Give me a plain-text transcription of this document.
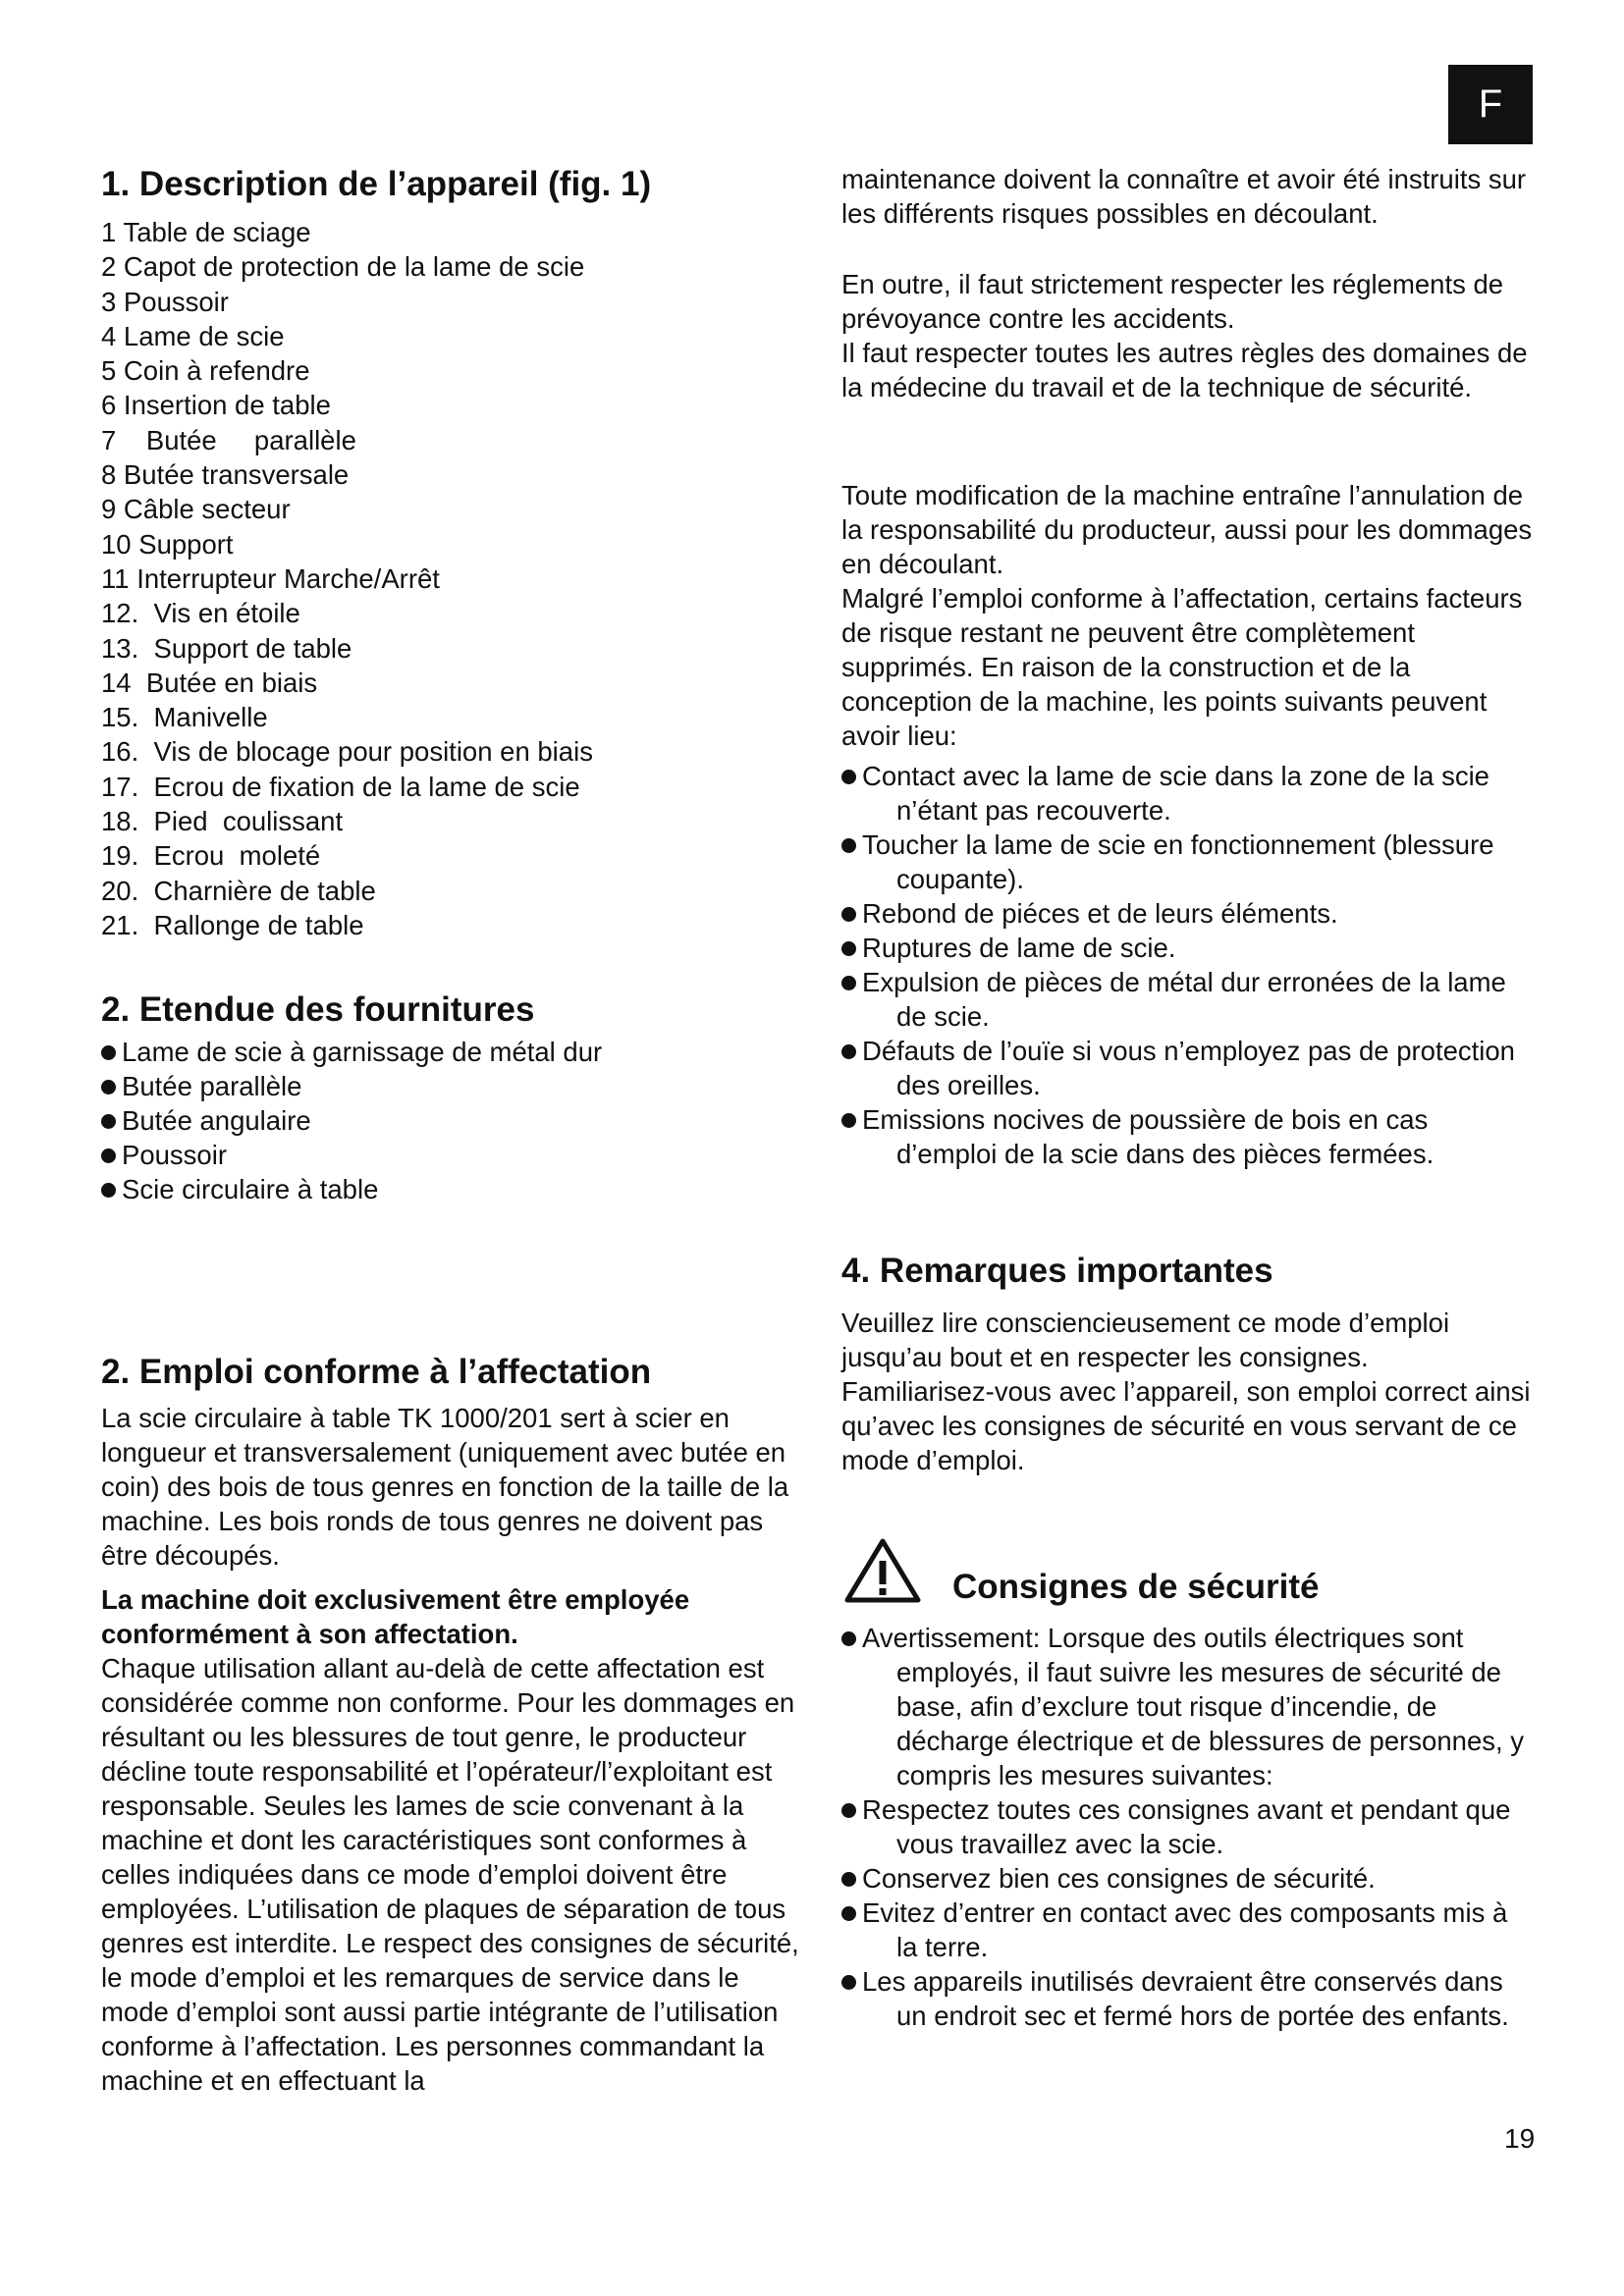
F
1. Description de l’appareil (fig. 1)
1 Table de sciage
2 Capot de protection de la lame de scie
3 Poussoir
4 Lame de scie
5 Coin à refendre
6 Insertion de table
7    Butée     parallèle
8 Butée transversale
9 Câble secteur
10 Support
11 Interrupteur Marche/Arrêt
12.  Vis en étoile
13.  Support de table
14  Butée en biais
15.  Manivelle
16.  Vis de blocage pour position en biais
17.  Ecrou de fixation de la lame de scie
18.  Pied  coulissant
19.  Ecrou  moleté
20.  Charnière de table
21.  Rallonge de table
2. Etendue des fournitures
Lame de scie à garnissage de métal dur
Butée parallèle
Butée angulaire
Poussoir
Scie circulaire à table
2. Emploi conforme à l’affectation

La scie circulaire à table TK 1000/201 sert à scier en longueur et transversalement (uniquement avec butée en coin) des bois de tous genres en fonction de la taille de la machine. Les bois ronds de tous genres ne doivent pas être découpés.

La machine doit exclusivement être employée conformément à son affectation.

Chaque utilisation allant au-delà de cette affectation est considérée comme non conforme. Pour les dommages en résultant ou les blessures de tout genre, le producteur décline toute responsabilité et l’opérateur/l’exploitant est responsable. Seules les lames de scie convenant à la machine et dont les caractéristiques sont conformes à celles indiquées dans ce mode d’emploi doivent être employées. L’utilisation de plaques de séparation de tous genres est interdite. Le respect des consignes de sécurité, le mode d’emploi et les remarques de service dans le mode d’emploi sont aussi partie intégrante de l’utilisation conforme à l’affectation. Les personnes commandant la machine et en effectuant la

maintenance doivent la connaître et avoir été instruits sur les différents risques possibles en découlant.

En outre, il faut strictement respecter les réglements de prévoyance contre les accidents.

Il faut respecter toutes les autres règles des domaines de la médecine du travail et de la technique de sécurité.

Toute modification de la machine entraîne l’annulation de la responsabilité du producteur, aussi pour les dommages en découlant.

Malgré l’emploi conforme à l’affectation, certains facteurs de risque restant ne peuvent être complètement supprimés. En raison de la construction et de la conception de la machine, les points suivants peuvent avoir lieu:

Contact avec la lame de scie dans la zone de la scie n’étant pas recouverte.
Toucher la lame de scie en fonctionnement (blessure coupante).
Rebond de piéces et de leurs éléments.
Ruptures de lame de scie.
Expulsion de pièces de métal dur erronées de la lame de scie.
Défauts de l’ouïe si vous n’employez pas de protection des oreilles.
Emissions nocives de poussière de bois en cas d’emploi de la scie dans des pièces fermées.
4. Remarques importantes

Veuillez lire consciencieusement ce mode d’emploi jusqu’au bout et en respecter les consignes.

Familiarisez-vous avec l’appareil, son emploi correct ainsi qu’avec les consignes de sécurité en vous servant de ce mode d’emploi.

Consignes de sécurité
Avertissement: Lorsque des outils électriques sont employés, il faut suivre les mesures de sécurité de base, afin d’exclure tout risque d’incendie, de décharge électrique et de blessures de personnes, y compris les mesures suivantes:
Respectez toutes ces consignes avant et pendant que vous travaillez avec la scie.
Conservez bien ces consignes de sécurité.
Evitez d’entrer en contact avec des composants mis à la terre.
Les appareils inutilisés devraient être conservés dans un endroit sec et fermé hors de portée des enfants.
19
